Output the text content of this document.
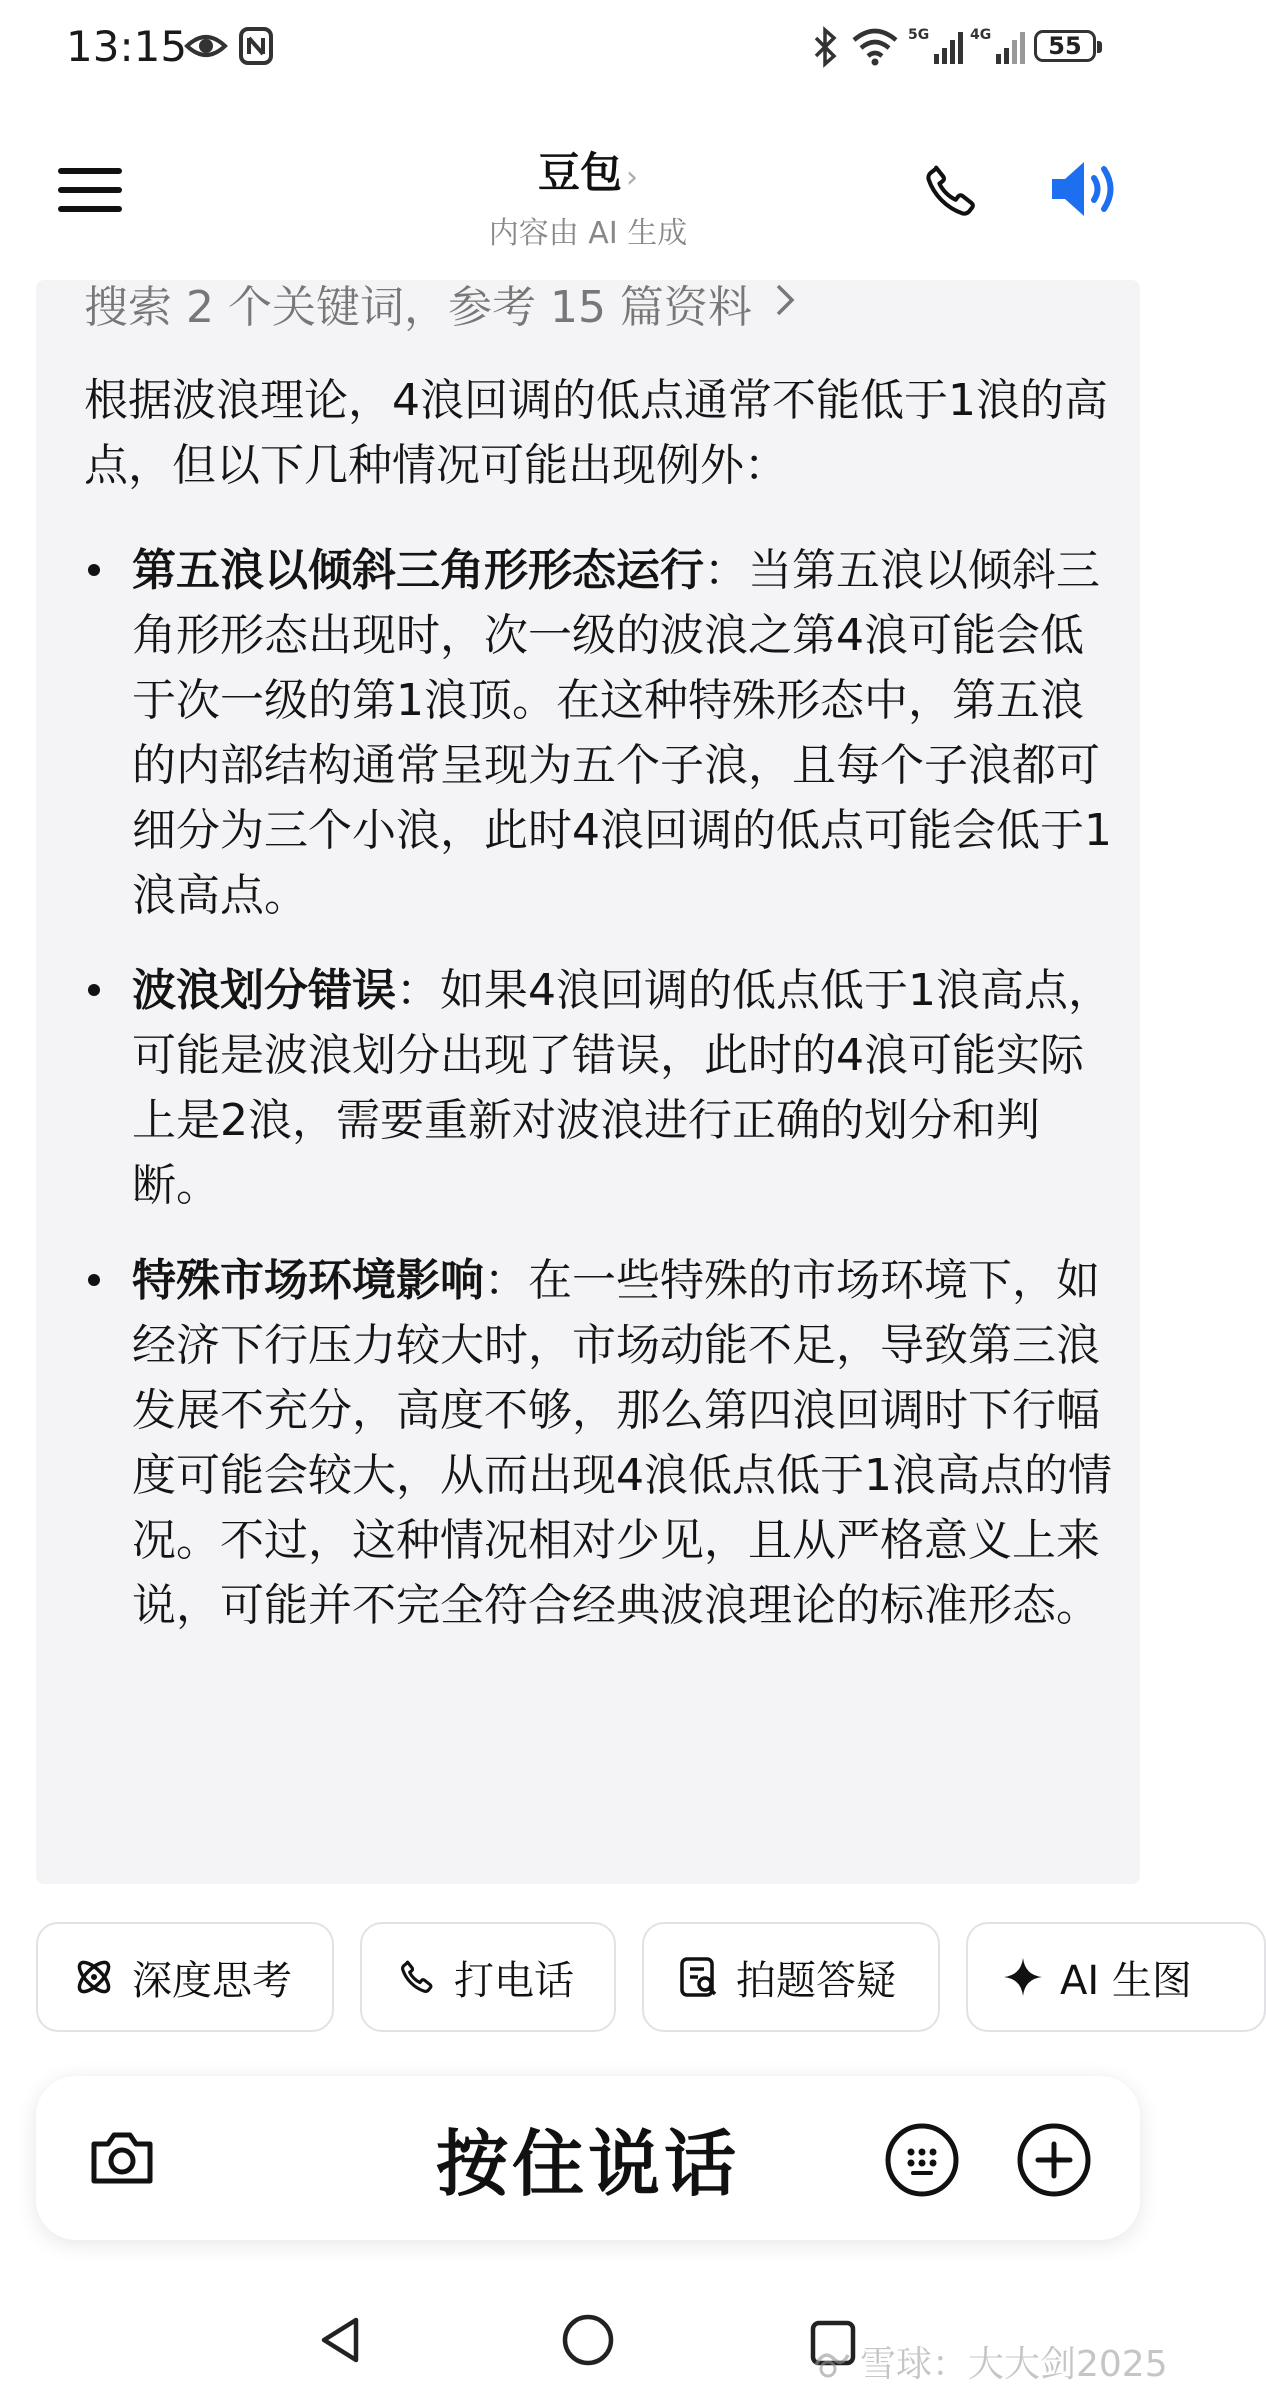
13:15	5G	4G	55
豆包 ›
内容由 AI 生成
搜索 2 个关键词，参考 15 篇资料

根据波浪理论，4浪回调的低点通常不能低于1浪的高点，但以下几种情况可能出现例外：

第五浪以倾斜三角形形态运行：当第五浪以倾斜三角形形态出现时，次一级的波浪之第4浪可能会低于次一级的第1浪顶。在这种特殊形态中，第五浪的内部结构通常呈现为五个子浪，且每个子浪都可细分为三个小浪，此时4浪回调的低点可能会低于1浪高点。
波浪划分错误：如果4浪回调的低点低于1浪高点，可能是波浪划分出现了错误，此时的4浪可能实际上是2浪，需要重新对波浪进行正确的划分和判断。
特殊市场环境影响：在一些特殊的市场环境下，如经济下行压力较大时，市场动能不足，导致第三浪发展不充分，高度不够，那么第四浪回调时下行幅度可能会较大，从而出现4浪低点低于1浪高点的情况。不过，这种情况相对少见，且从严格意义上来说，可能并不完全符合经典波浪理论的标准形态。
深度思考	打电话	拍题答疑	AI 生图
按住说话
雪球：大大剑2025
